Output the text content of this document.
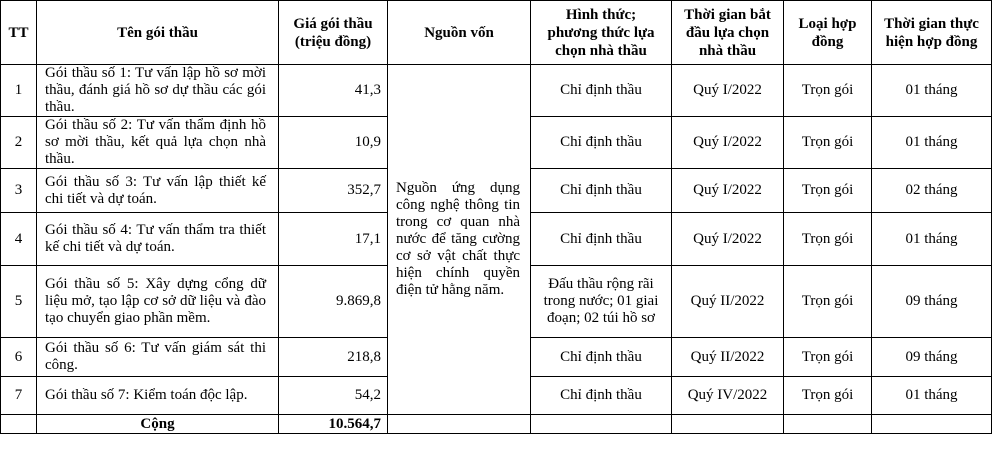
TT	Tên gói thầu	Giá gói thầu (triệu đồng)	Nguồn vốn	Hình thức; phương thức lựa chọn nhà thầu	Thời gian bắt đầu lựa chọn nhà thầu	Loại hợp đồng	Thời gian thực hiện hợp đồng
1	Gói thầu số 1: Tư vấn lập hồ sơ mời thầu, đánh giá hồ sơ dự thầu các gói thầu.	41,3	Nguồn ứng dụng công nghệ thông tin trong cơ quan nhà nước để tăng cường cơ sở vật chất thực hiện chính quyền điện tử hằng năm.	Chỉ định thầu	Quý I/2022	Trọn gói	01 tháng
2	Gói thầu số 2: Tư vấn thẩm định hồ sơ mời thầu, kết quả lựa chọn nhà thầu.	10,9		Chỉ định thầu	Quý I/2022	Trọn gói	01 tháng
3	Gói thầu số 3: Tư vấn lập thiết kế chi tiết và dự toán.	352,7		Chỉ định thầu	Quý I/2022	Trọn gói	02 tháng
4	Gói thầu số 4: Tư vấn thẩm tra thiết kế chi tiết và dự toán.	17,1		Chỉ định thầu	Quý I/2022	Trọn gói	01 tháng
5	Gói thầu số 5: Xây dựng cổng dữ liệu mở, tạo lập cơ sở dữ liệu và đào tạo chuyển giao phần mềm.	9.869,8		Đấu thầu rộng rãi trong nước; 01 giai đoạn; 02 túi hồ sơ	Quý II/2022	Trọn gói	09 tháng
6	Gói thầu số 6: Tư vấn giám sát thi công.	218,8		Chỉ định thầu	Quý II/2022	Trọn gói	09 tháng
7	Gói thầu số 7: Kiểm toán độc lập.	54,2		Chỉ định thầu	Quý IV/2022	Trọn gói	01 tháng
	Cộng	10.564,7					
